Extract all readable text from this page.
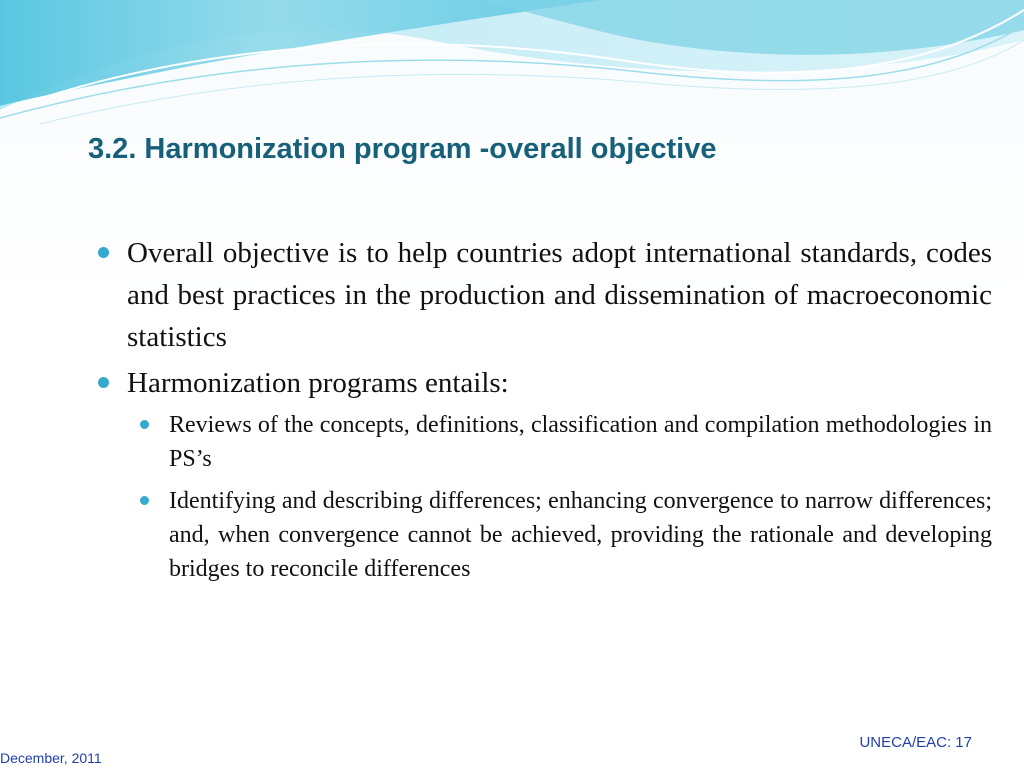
3.2. Harmonization program -overall objective
Overall objective is to help countries adopt international standards, codes and best practices in the production and dissemination of macroeconomic statistics
Harmonization programs entails:
Reviews of the concepts, definitions, classification and compilation methodologies in PS’s
Identifying and describing differences; enhancing convergence to narrow differences; and, when convergence cannot be achieved, providing the rationale and developing bridges to reconcile differences
December, 2011
UNECA/EAC: 17
